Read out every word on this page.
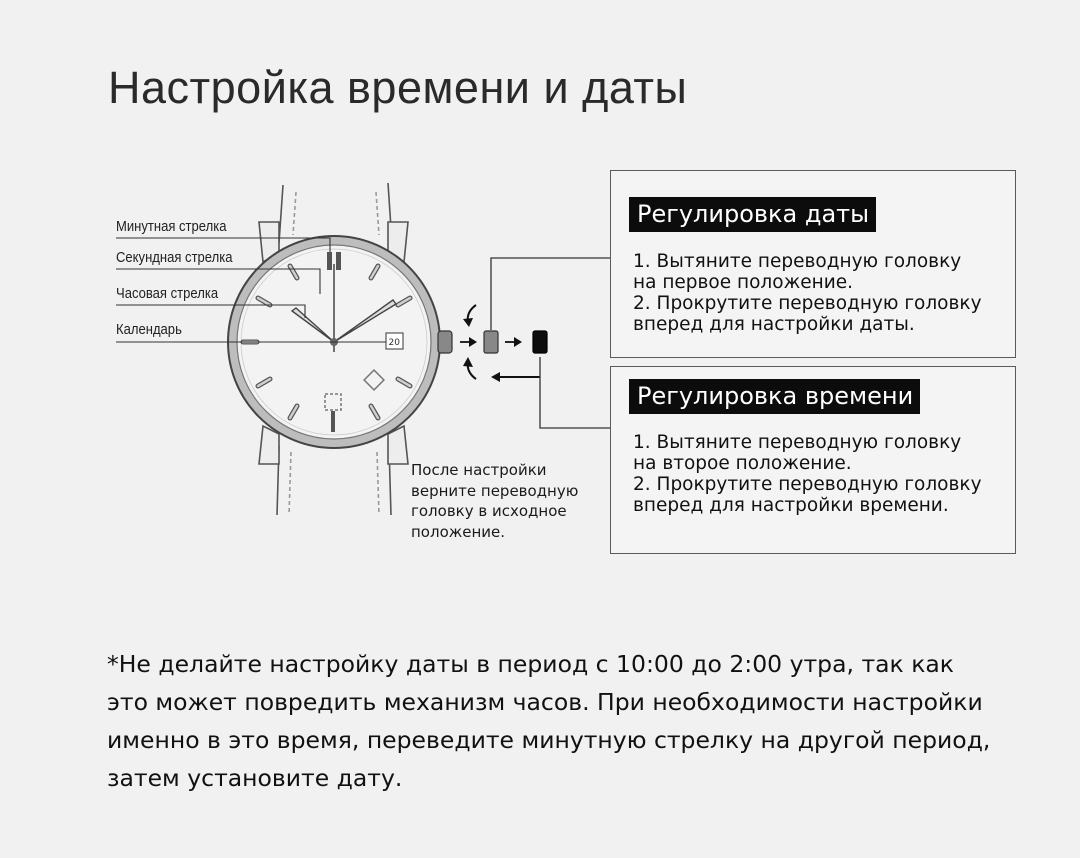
Настройка времени и даты
20
Минутная стрелка
Секундная стрелка
Часовая стрелка
Календарь
После настройки
верните переводную
головку в исходное
положение.
Регулировка даты
1. Вытяните переводную головку
на первое положение.
2. Прокрутите переводную головку
вперед для настройки даты.
Регулировка времени
1. Вытяните переводную головку
на второе положение.
2. Прокрутите переводную головку
вперед для настройки времени.
*Не делайте настройку даты в период с 10:00 до 2:00 утра, так как
это может повредить механизм часов. При необходимости настройки
именно в это время, переведите минутную стрелку на другой период,
затем установите дату.
